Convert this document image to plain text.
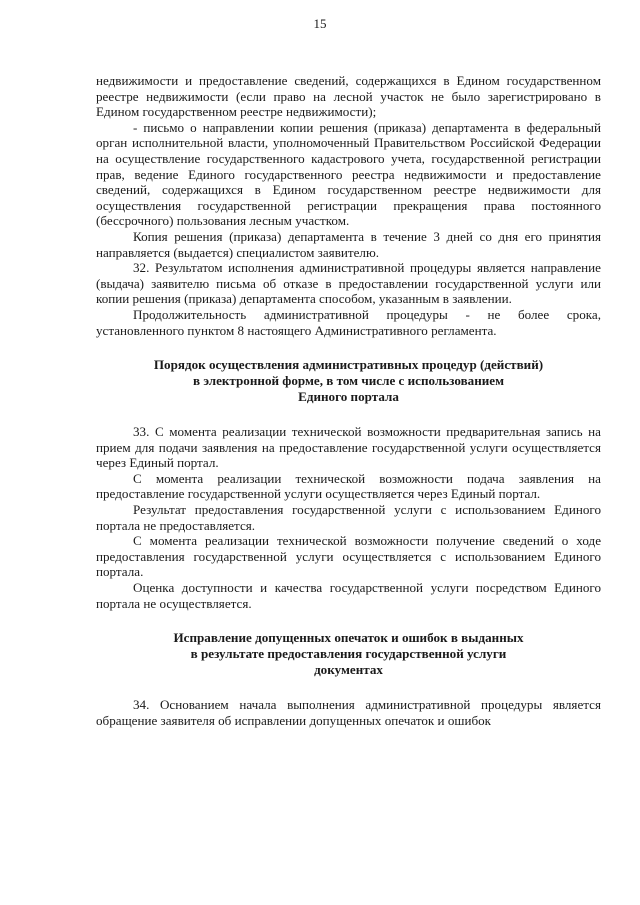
15

недвижимости и предоставление сведений, содержащихся в Едином государственном реестре недвижимости (если право на лесной участок не было зарегистрировано в Едином государственном реестре недвижимости);

- письмо о направлении копии решения (приказа) департамента в федеральный орган исполнительной власти, уполномоченный Правительством Российской Федерации на осуществление государственного кадастрового учета, государственной регистрации прав, ведение Единого государственного реестра недвижимости и предоставление сведений, содержащихся в Едином государственном реестре недвижимости для осуществления государственной регистрации прекращения права постоянного (бессрочного) пользования лесным участком.

Копия решения (приказа) департамента в течение 3 дней со дня его принятия направляется (выдается) специалистом заявителю.

32. Результатом исполнения административной процедуры является направление (выдача) заявителю письма об отказе в предоставлении государственной услуги или копии решения (приказа) департамента способом, указанным в заявлении.

Продолжительность административной процедуры - не более срока, установленного пунктом 8 настоящего Административного регламента.

Порядок осуществления административных процедур (действий)
в электронной форме, в том числе с использованием
Единого портала

33. С момента реализации технической возможности предварительная запись на прием для подачи заявления на предоставление государственной услуги осуществляется через Единый портал.

С момента реализации технической возможности подача заявления на предоставление государственной услуги осуществляется через Единый портал.

Результат предоставления государственной услуги с использованием Единого портала не предоставляется.

С момента реализации технической возможности получение сведений о ходе предоставления государственной услуги осуществляется с использованием Единого портала.

Оценка доступности и качества государственной услуги посредством Единого портала не осуществляется.

Исправление допущенных опечаток и ошибок в выданных
в результате предоставления государственной услуги
документах

34. Основанием начала выполнения административной процедуры является обращение заявителя об исправлении допущенных опечаток и ошибок
